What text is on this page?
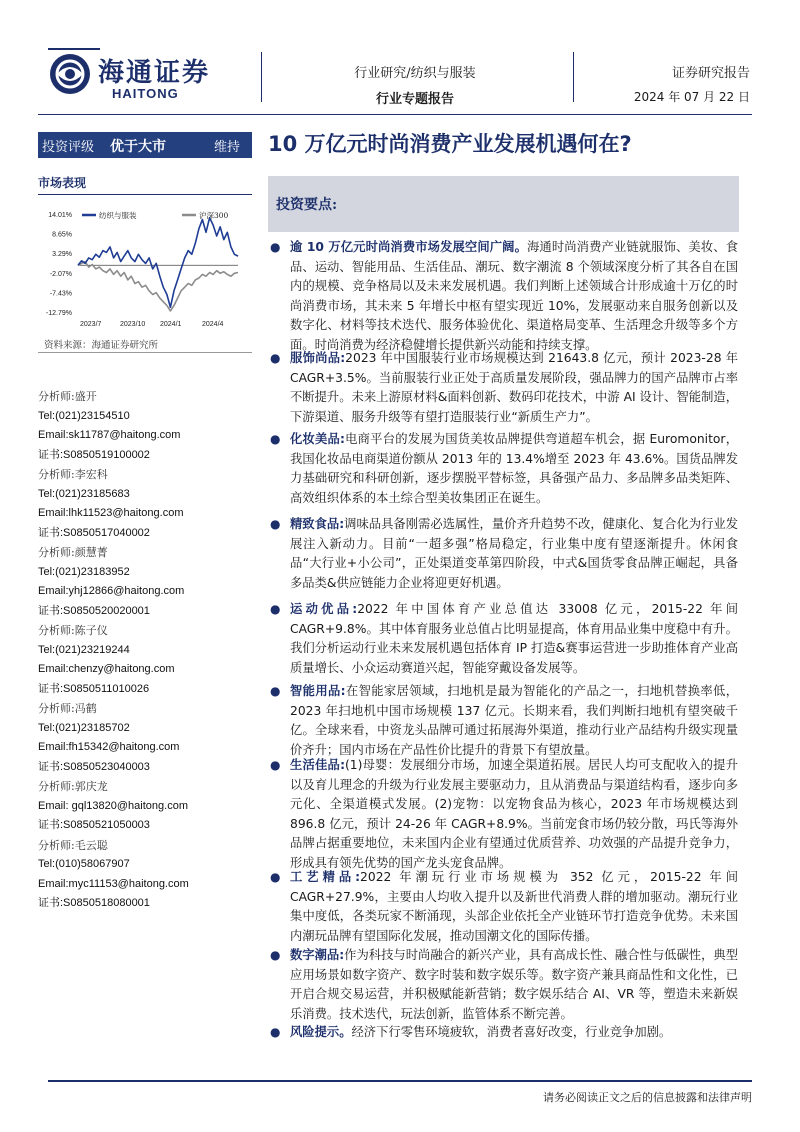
海通证券
HAITONG
行业研究/纺织与服装
行业专题报告
证券研究报告
2024 年 07 月 22 日
投资评级 优于大市	维持 10 万亿元时尚消费产业发展机遇何在?
市场表现
14.01%
8.65%
3.29%
-2.07%
-7.43%
-12.79%
2023/7	2023/10 2024/1	2024/4
纺织与服装	沪深300
资料来源：海通证券研究所
分析师:盛开
Tel:(021)23154510
Email:sk11787@haitong.com
证书:S0850519100002
分析师:李宏科
Tel:(021)23185683
Email:lhk11523@haitong.com
证书:S0850517040002
分析师:颜慧菁
Tel:(021)23183952
Email:yhj12866@haitong.com
证书:S0850520020001
分析师:陈子仪
Tel:(021)23219244
Email:chenzy@haitong.com
证书:S0850511010026
分析师:冯鹤
Tel:(021)23185702
Email:fh15342@haitong.com
证书:S0850523040003
分析师:郭庆龙
Email: gql13820@haitong.com
证书:S0850521050003
分析师:毛云聪
Tel:(010)58067907
Email:myc11153@haitong.com
证书:S0850518080001
投资要点:
● 逾 10 万亿元时尚消费市场发展空间广阔。海通时尚消费产业链就服饰、美妆、食品、运动、智能用品、生活佳品、潮玩、数字潮流 8 个领域深度分析了其各自在国内的规模、竞争格局以及未来发展机遇。我们判断上述领域合计形成逾十万亿的时尚消费市场，其未来 5 年增长中枢有望实现近 10%，发展驱动来自服务创新以及数字化、材料等技术迭代、服务体验优化、渠道格局变革、生活理念升级等多个方面。时尚消费为经济稳健增长提供新兴动能和持续支撑。
● 服饰尚品:2023 年中国服装行业市场规模达到 21643.8 亿元，预计 2023-28 年 CAGR+3.5%。当前服装行业正处于高质量发展阶段，强品牌力的国产品牌市占率不断提升。未来上游原材料&面料创新、数码印花技术，中游 AI 设计、智能制造，下游渠道、服务升级等有望打造服装行业“新质生产力”。
● 化妆美品:电商平台的发展为国货美妆品牌提供弯道超车机会，据 Euromonitor，我国化妆品电商渠道份额从 2013 年的 13.4%增至 2023 年 43.6%。国货品牌发力基础研究和科研创新，逐步摆脱平替标签，具备强产品力、多品牌多品类矩阵、高效组织体系的本土综合型美妆集团正在诞生。
● 精致食品:调味品具备刚需必选属性，量价齐升趋势不改，健康化、复合化为行业发展注入新动力。目前“一超多强”格局稳定，行业集中度有望逐渐提升。休闲食品“大行业+小公司”，正处渠道变革第四阶段，中式&国货零食品牌正崛起，具备多品类&供应链能力企业将迎更好机遇。
● 运动优品:2022 年中国体育产业总值达 33008 亿元，2015-22 年间 CAGR+9.8%。其中体育服务业总值占比明显提高，体育用品业集中度稳中有升。我们分析运动行业未来发展机遇包括体育 IP 打造&赛事运营进一步助推体育产业高质量增长、小众运动赛道兴起，智能穿戴设备发展等。
● 智能用品:在智能家居领域，扫地机是最为智能化的产品之一，扫地机替换率低，2023 年扫地机中国市场规模 137 亿元。长期来看，我们判断扫地机有望突破千亿。全球来看，中资龙头品牌可通过拓展海外渠道，推动行业产品结构升级实现量价齐升；国内市场在产品性价比提升的背景下有望放量。
● 生活佳品:(1)母婴：发展细分市场，加速全渠道拓展。居民人均可支配收入的提升以及育儿理念的升级为行业发展主要驱动力，且从消费品与渠道结构看，逐步向多元化、全渠道模式发展。(2)宠物：以宠物食品为核心，2023 年市场规模达到 896.8 亿元，预计 24-26 年 CAGR+8.9%。当前宠食市场仍较分散，玛氏等海外品牌占据重要地位，未来国内企业有望通过优质营养、功效强的产品提升竞争力，形成具有领先优势的国产龙头宠食品牌。
● 工艺精品:2022 年潮玩行业市场规模为 352 亿元，2015-22 年间 CAGR+27.9%，主要由人均收入提升以及新世代消费人群的增加驱动。潮玩行业集中度低，各类玩家不断涌现，头部企业依托全产业链环节打造竞争优势。未来国内潮玩品牌有望国际化发展，推动国潮文化的国际传播。
● 数字潮品:作为科技与时尚融合的新兴产业，具有高成长性、融合性与低碳性，典型应用场景如数字资产、数字时装和数字娱乐等。数字资产兼具商品性和文化性，已开启合规交易运营，并积极赋能新营销；数字娱乐结合 AI、VR 等，塑造未来新娱乐消费。技术迭代，玩法创新，监管体系不断完善。
● 风险提示。经济下行零售环境疲软，消费者喜好改变，行业竞争加剧。
请务必阅读正文之后的信息披露和法律声明
